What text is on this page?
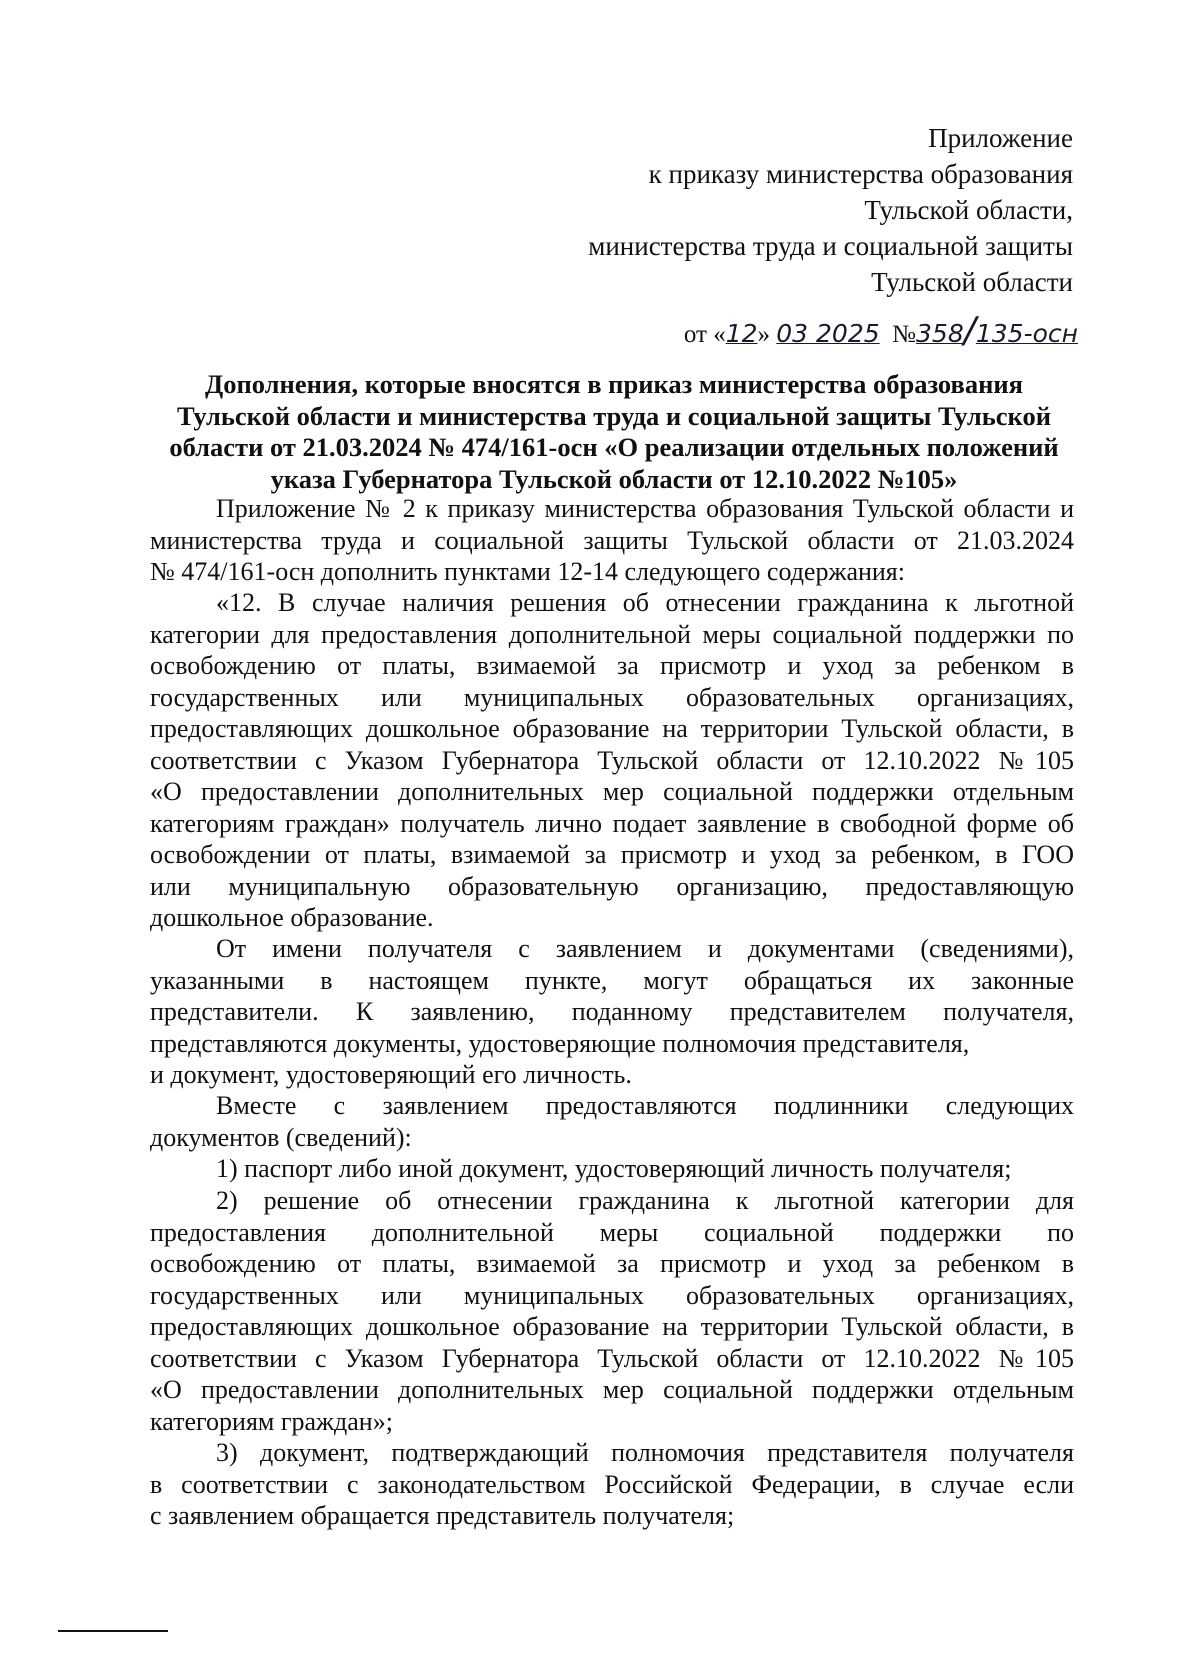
Приложение
к приказу министерства образования
Тульской области,
министерства труда и социальной защиты
Тульской области
от «12» 03 2025 №358/135-осн
Дополнения, которые вносятся в приказ министерства образования
Тульской области и министерства труда и социальной защиты Тульской
области от 21.03.2024 № 474/161-осн «О реализации отдельных положений
указа Губернатора Тульской области от 12.10.2022 №105»
Приложение № 2 к приказу министерства образования Тульской области и
министерства труда и социальной защиты Тульской области от 21.03.2024
№ 474/161-осн дополнить пунктами 12-14 следующего содержания:
«12. В случае наличия решения об отнесении гражданина к льготной
категории для предоставления дополнительной меры социальной поддержки по
освобождению от платы, взимаемой за присмотр и уход за ребенком в
государственных или муниципальных образовательных организациях,
предоставляющих дошкольное образование на территории Тульской области, в
соответствии с Указом Губернатора Тульской области от 12.10.2022 №105
«О предоставлении дополнительных мер социальной поддержки отдельным
категориям граждан» получатель лично подает заявление в свободной форме об
освобождении от платы, взимаемой за присмотр и уход за ребенком, в ГОО
или муниципальную образовательную организацию, предоставляющую
дошкольное образование.
От имени получателя с заявлением и документами (сведениями),
указанными в настоящем пункте, могут обращаться их законные
представители. К заявлению, поданному представителем получателя,
представляются документы, удостоверяющие полномочия представителя,
и документ, удостоверяющий его личность.
Вместе с заявлением предоставляются подлинники следующих
документов (сведений):
1) паспорт либо иной документ, удостоверяющий личность получателя;
2) решение об отнесении гражданина к льготной категории для
предоставления дополнительной меры социальной поддержки по
освобождению от платы, взимаемой за присмотр и уход за ребенком в
государственных или муниципальных образовательных организациях,
предоставляющих дошкольное образование на территории Тульской области, в
соответствии с Указом Губернатора Тульской области от 12.10.2022 №105
«О предоставлении дополнительных мер социальной поддержки отдельным
категориям граждан»;
3) документ, подтверждающий полномочия представителя получателя
в соответствии с законодательством Российской Федерации, в случае если
с заявлением обращается представитель получателя;
